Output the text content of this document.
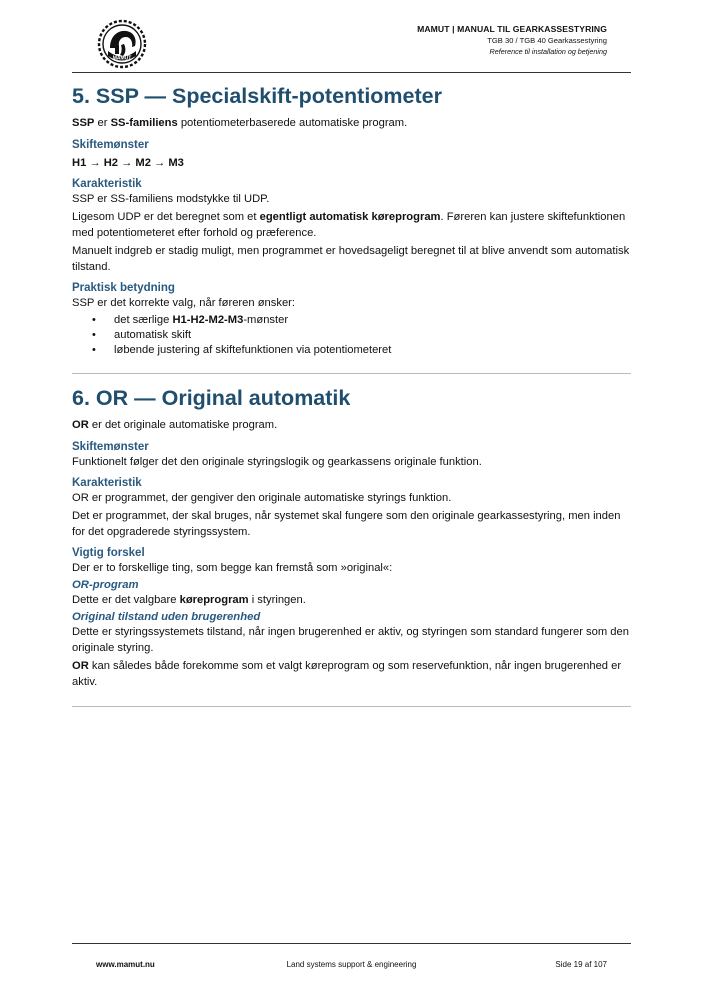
MAMUT
MAMUT | MANUAL TIL GEARKASSESTYRING
TGB 30 / TGB 40 Gearkassestyring
Reference til installation og betjening
5. SSP — Specialskift-potentiometer

SSP er SS-familiens potentiometerbaserede automatiske program.

Skiftemønster

H1 → H2 → M2 → M3

Karakteristik

SSP er SS-familiens modstykke til UDP.

Ligesom UDP er det beregnet som et egentligt automatisk køreprogram. Føreren kan justere skiftefunktionen med potentiometeret efter forhold og præference.

Manuelt indgreb er stadig muligt, men programmet er hovedsageligt beregnet til at blive anvendt som automatisk tilstand.

Praktisk betydning

SSP er det korrekte valg, når føreren ønsker:

• det særlige H1-H2-M2-M3-mønster
• automatisk skift
• løbende justering af skiftefunktionen via potentiometeret
6. OR — Original automatik

OR er det originale automatiske program.

Skiftemønster

Funktionelt følger det den originale styringslogik og gearkassens originale funktion.

Karakteristik

OR er programmet, der gengiver den originale automatiske styrings funktion.

Det er programmet, der skal bruges, når systemet skal fungere som den originale gearkassestyring, men inden for det opgraderede styringssystem.

Vigtig forskel

Der er to forskellige ting, som begge kan fremstå som »original«:

OR-program

Dette er det valgbare køreprogram i styringen.

Original tilstand uden brugerenhed

Dette er styringssystemets tilstand, når ingen brugerenhed er aktiv, og styringen som standard fungerer som den originale styring.

OR kan således både forekomme som et valgt køreprogram og som reservefunktion, når ingen brugerenhed er aktiv.

www.mamut.nu	Land systems support & engineering	Side 19 af 107
